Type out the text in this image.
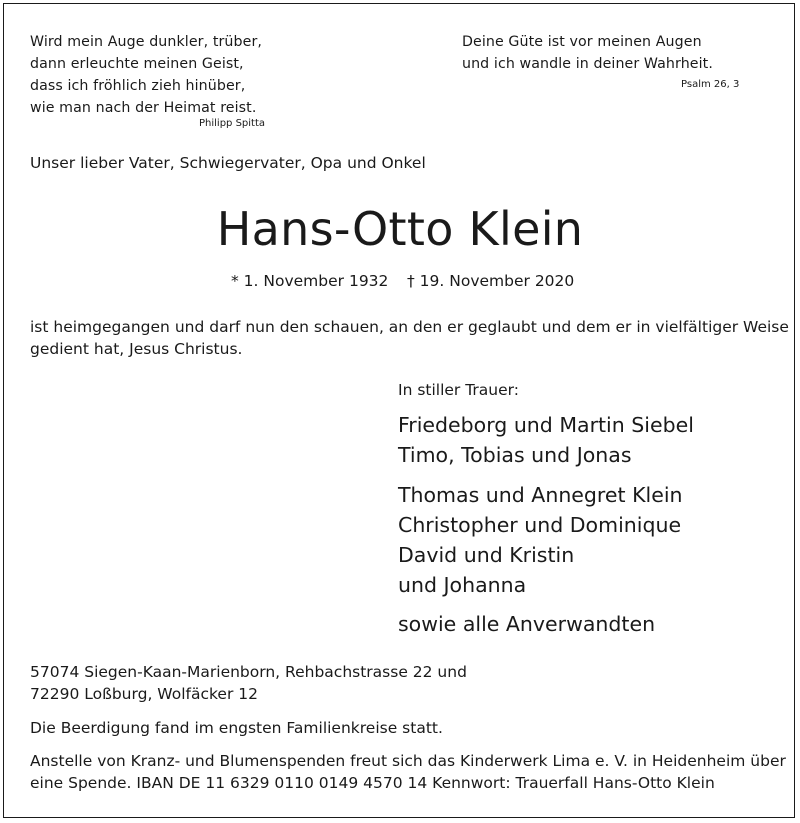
Wird mein Auge dunkler, trüber,
dann erleuchte meinen Geist,
dass ich fröhlich zieh hinüber,
wie man nach der Heimat reist.
Philipp Spitta
Deine Güte ist vor meinen Augen
und ich wandle in deiner Wahrheit.
Psalm 26, 3
Unser lieber Vater, Schwiegervater, Opa und Onkel
Hans-Otto Klein
* 1. November 1932 † 19. November 2020
ist heimgegangen und darf nun den schauen, an den er geglaubt und dem er in vielfältiger Weise
gedient hat, Jesus Christus.
In stiller Trauer:
Friedeborg und Martin Siebel
Timo, Tobias und Jonas
Thomas und Annegret Klein
Christopher und Dominique
David und Kristin
und Johanna
sowie alle Anverwandten
57074 Siegen-Kaan-Marienborn, Rehbachstrasse 22 und
72290 Loßburg, Wolfäcker 12
Die Beerdigung fand im engsten Familienkreise statt.
Anstelle von Kranz- und Blumenspenden freut sich das Kinderwerk Lima e. V. in Heidenheim über
eine Spende. IBAN DE 11 6329 0110 0149 4570 14 Kennwort: Trauerfall Hans-Otto Klein
